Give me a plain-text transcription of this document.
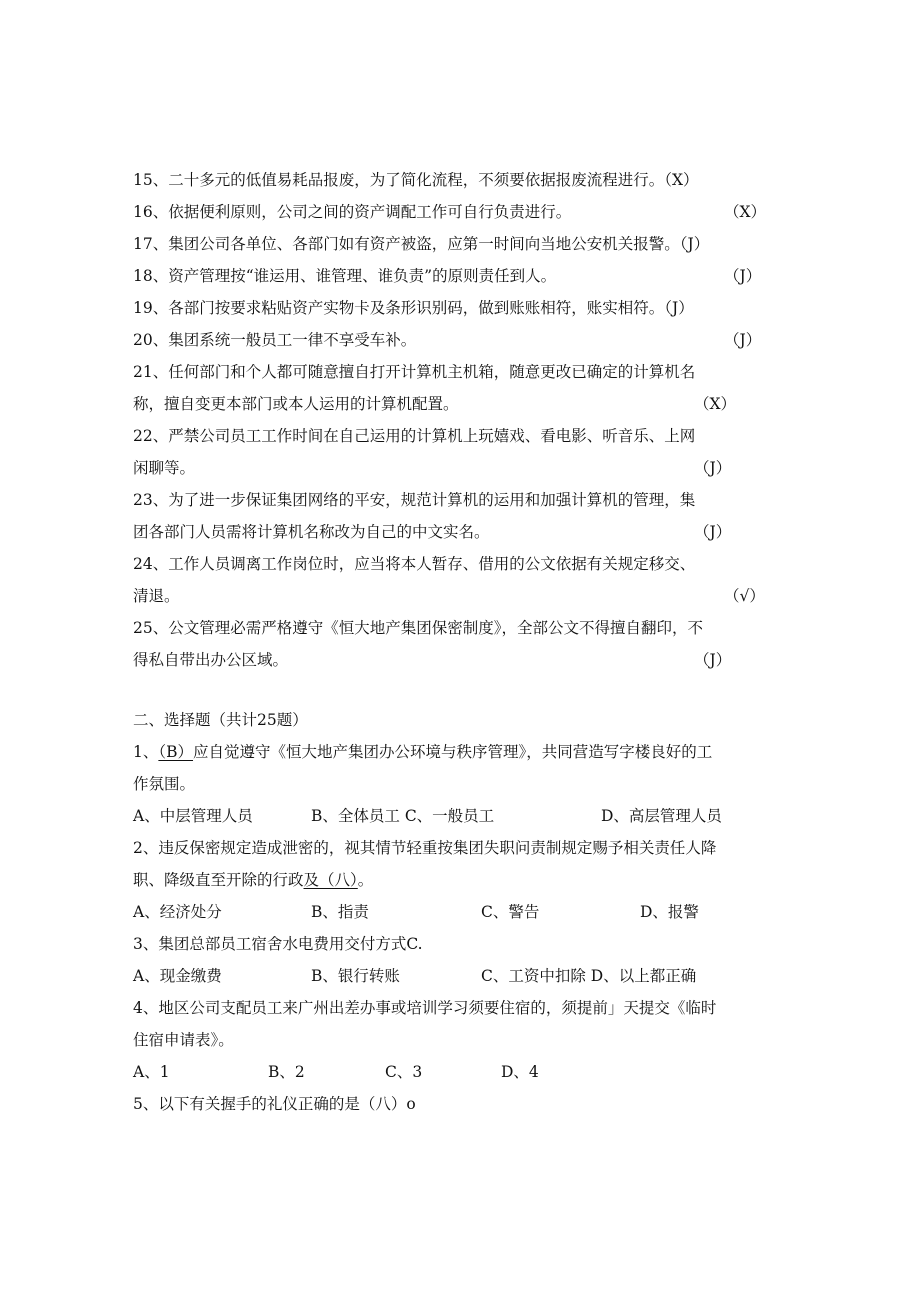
15、二十多元的低值易耗品报废，为了简化流程，不须要依据报废流程进行。（X）
16、依据便利原则，公司之间的资产调配工作可自行负责进行。	（X）
17、集团公司各单位、各部门如有资产被盗，应第一时间向当地公安机关报警。（J）
18、资产管理按“谁运用、谁管理、谁负责”的原则责任到人。	（J）
19、各部门按要求粘贴资产实物卡及条形识别码，做到账账相符，账实相符。（J）
20、集团系统一般员工一律不享受车补。	（J）
21、任何部门和个人都可随意擅自打开计算机主机箱，随意更改已确定的计算机名
称，擅自变更本部门或本人运用的计算机配置。	（X）
22、严禁公司员工工作时间在自己运用的计算机上玩嬉戏、看电影、听音乐、上网
闲聊等。	（J）
23、为了进一步保证集团网络的平安，规范计算机的运用和加强计算机的管理，集
团各部门人员需将计算机名称改为自己的中文实名。	（J）
24、工作人员调离工作岗位时，应当将本人暂存、借用的公文依据有关规定移交、
清退。	（√）
25、公文管理必需严格遵守《恒大地产集团保密制度》，全部公文不得擅自翻印，不
得私自带出办公区域。	（J）
二、选择题（共计25题）
1、（B）应自觉遵守《恒大地产集团办公环境与秩序管理》，共同营造写字楼良好的工
作氛围。
A、中层管理人员	B、全体员工 C、一般员工	D、高层管理人员
2、违反保密规定造成泄密的，视其情节轻重按集团失职问责制规定赐予相关责任人降
职、降级直至开除的行政及（八）。
A、经济处分	B、指责	C、警告	D、报警
3、集团总部员工宿舍水电费用交付方式C.
A、现金缴费	B、银行转账	C、工资中扣除 D、以上都正确
4、地区公司支配员工来广州出差办事或培训学习须要住宿的，须提前」天提交《临时
住宿申请表》。
A、1	B、2	C、3	D、4
5、以下有关握手的礼仪正确的是（八）o
